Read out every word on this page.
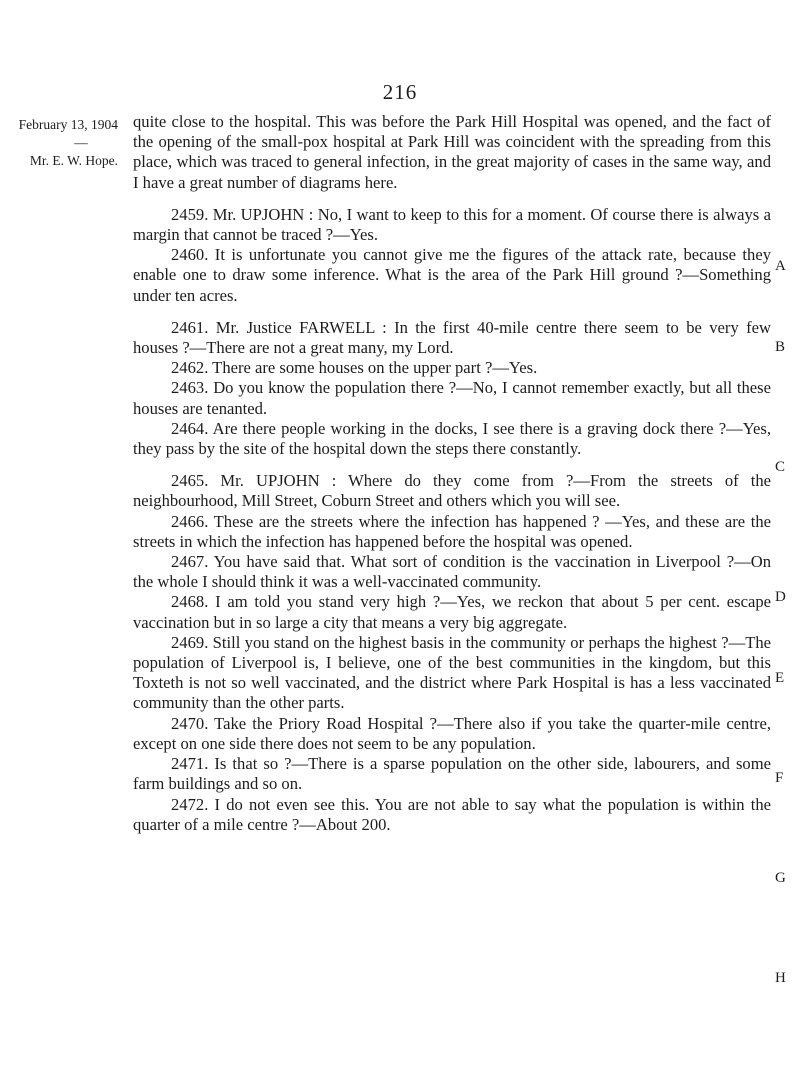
216
February 13, 1904
—
Mr. E. W. Hope.
A
B
C
D
E
F
G
H

quite close to the hospital. This was before the Park Hill Hospital was opened, and the fact of the opening of the small-pox hospital at Park Hill was coincident with the spreading from this place, which was traced to general infection, in the great majority of cases in the same way, and I have a great number of diagrams here.

2459. Mr. UPJOHN : No, I want to keep to this for a moment. Of course there is always a margin that cannot be traced ?—Yes.

2460. It is unfortunate you cannot give me the figures of the attack rate, because they enable one to draw some inference. What is the area of the Park Hill ground ?—Something under ten acres.

2461. Mr. Justice FARWELL : In the first 40-mile centre there seem to be very few houses ?—There are not a great many, my Lord.

2462. There are some houses on the upper part ?—Yes.

2463. Do you know the population there ?—No, I cannot remember exactly, but all these houses are tenanted.

2464. Are there people working in the docks, I see there is a graving dock there ?—Yes, they pass by the site of the hospital down the steps there constantly.

2465. Mr. UPJOHN : Where do they come from ?—From the streets of the neighbourhood, Mill Street, Coburn Street and others which you will see.

2466. These are the streets where the infection has happened ? —Yes, and these are the streets in which the infection has happened before the hospital was opened.

2467. You have said that. What sort of condition is the vaccination in Liverpool ?—On the whole I should think it was a well-vaccinated community.

2468. I am told you stand very high ?—Yes, we reckon that about 5 per cent. escape vaccination but in so large a city that means a very big aggregate.

2469. Still you stand on the highest basis in the community or perhaps the highest ?—The population of Liverpool is, I believe, one of the best communities in the kingdom, but this Toxteth is not so well vaccinated, and the district where Park Hospital is has a less vaccinated community than the other parts.

2470. Take the Priory Road Hospital ?—There also if you take the quarter-mile centre, except on one side there does not seem to be any population.

2471. Is that so ?—There is a sparse population on the other side, labourers, and some farm buildings and so on.

2472. I do not even see this. You are not able to say what the population is within the quarter of a mile centre ?—About 200.
